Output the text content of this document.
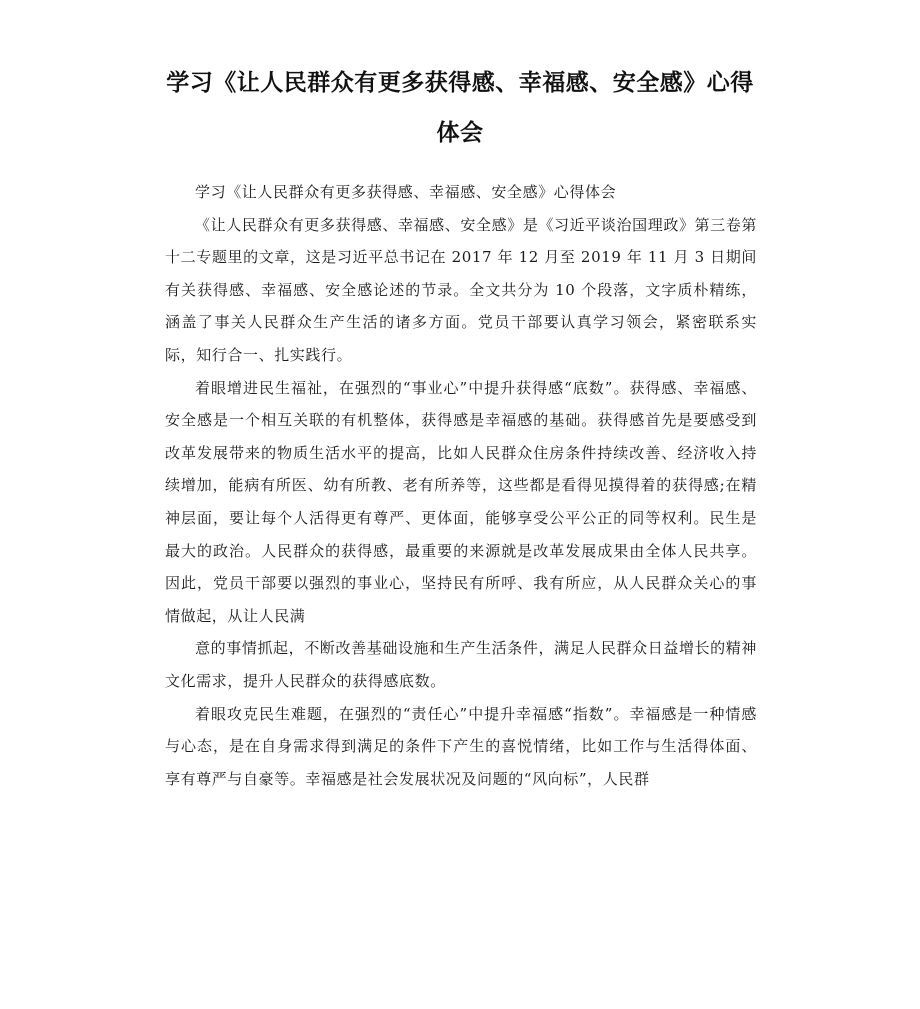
学习《让人民群众有更多获得感、幸福感、安全感》心得体会

学习《让人民群众有更多获得感、幸福感、安全感》心得体会

《让人民群众有更多获得感、幸福感、安全感》是《习近平谈治国理政》第三卷第十二专题里的文章，这是习近平总书记在 2017 年 12 月至 2019 年 11 月 3 日期间有关获得感、幸福感、安全感论述的节录。全文共分为 10 个段落，文字质朴精练，涵盖了事关人民群众生产生活的诸多方面。党员干部要认真学习领会，紧密联系实际，知行合一、扎实践行。

着眼增进民生福祉，在强烈的“事业心”中提升获得感“底数”。获得感、幸福感、安全感是一个相互关联的有机整体，获得感是幸福感的基础。获得感首先是要感受到改革发展带来的物质生活水平的提高，比如人民群众住房条件持续改善、经济收入持续增加，能病有所医、幼有所教、老有所养等，这些都是看得见摸得着的获得感;在精神层面，要让每个人活得更有尊严、更体面，能够享受公平公正的同等权利。民生是最大的政治。人民群众的获得感，最重要的来源就是改革发展成果由全体人民共享。因此，党员干部要以强烈的事业心，坚持民有所呼、我有所应，从人民群众关心的事情做起，从让人民满

意的事情抓起，不断改善基础设施和生产生活条件，满足人民群众日益增长的精神文化需求，提升人民群众的获得感底数。

着眼攻克民生难题，在强烈的“责任心”中提升幸福感“指数”。幸福感是一种情感与心态，是在自身需求得到满足的条件下产生的喜悦情绪，比如工作与生活得体面、享有尊严与自豪等。幸福感是社会发展状况及问题的“风向标”，人民群
